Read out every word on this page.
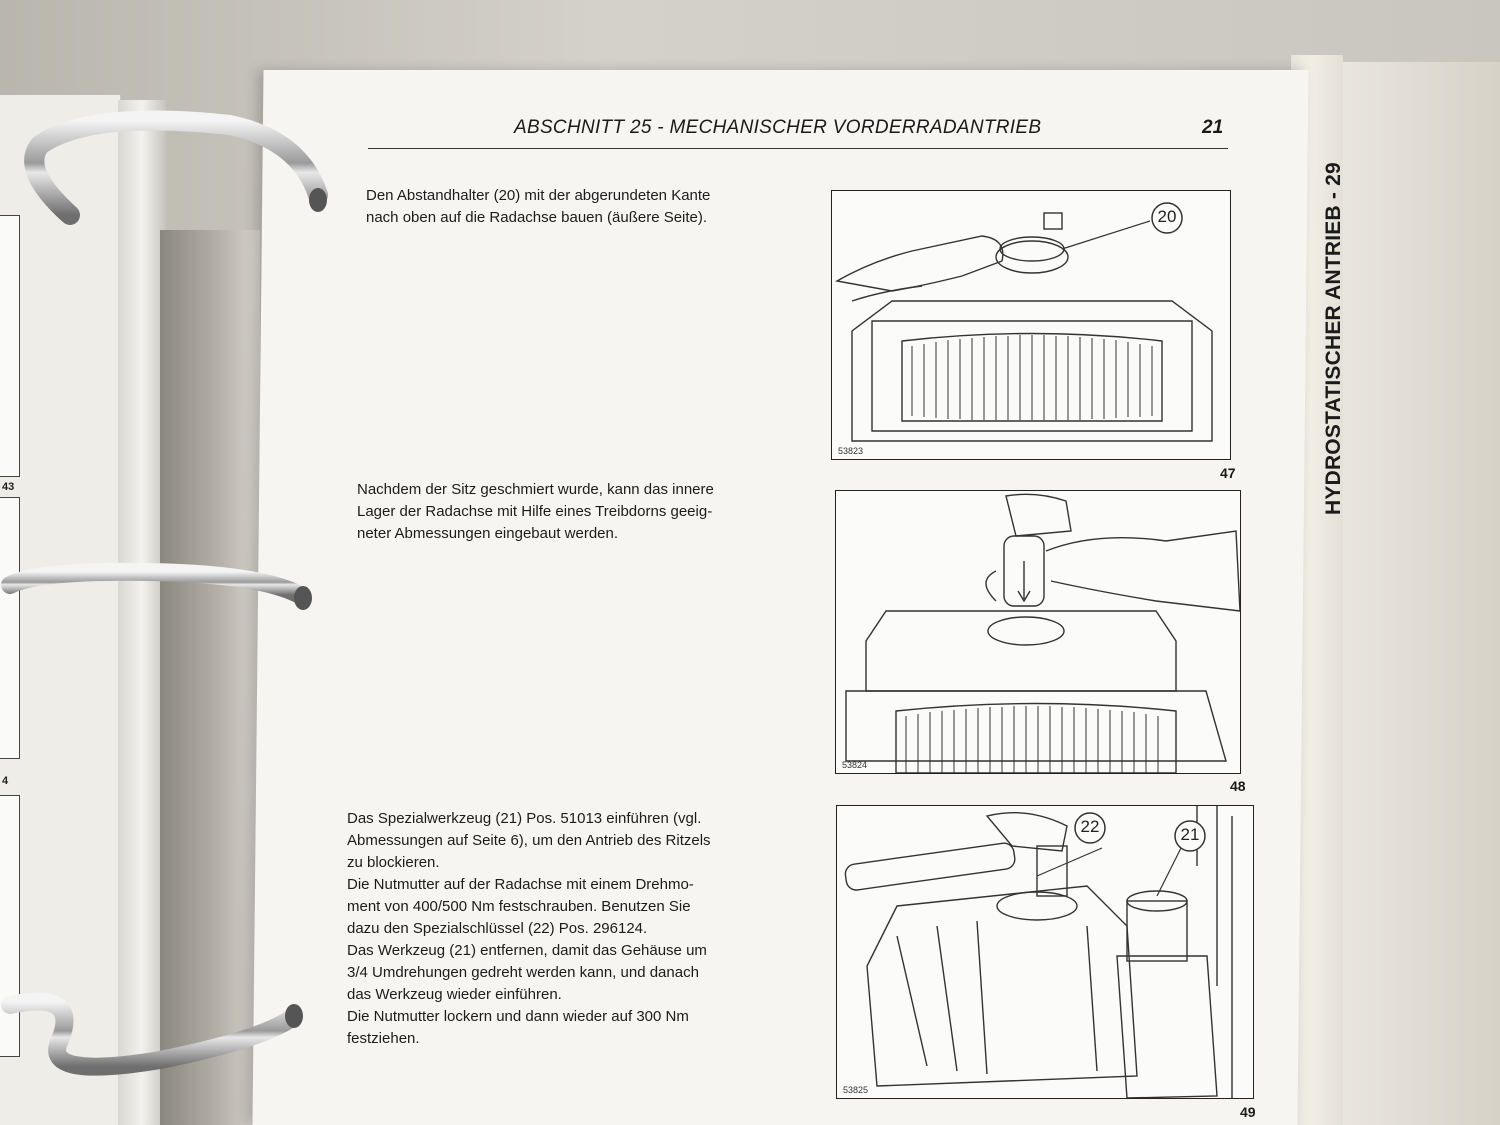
43
4
HYDROSTATISCHER ANTRIEB - 29
ABSCHNITT 25 - MECHANISCHER VORDERRADANTRIEB	21
Den Abstandhalter (20) mit der abgerundeten Kante
nach oben auf die Radachse bauen (äußere Seite).
Nachdem der Sitz geschmiert wurde, kann das innere
Lager der Radachse mit Hilfe eines Treibdorns geeig-
neter Abmessungen eingebaut werden.
Das Spezialwerkzeug (21) Pos. 51013 einführen (vgl.
Abmessungen auf Seite 6), um den Antrieb des Ritzels
zu blockieren.
Die Nutmutter auf der Radachse mit einem Drehmo-
ment von 400/500 Nm festschrauben. Benutzen Sie
dazu den Spezialschlüssel (22) Pos. 296124.
Das Werkzeug (21) entfernen, damit das Gehäuse um
3/4 Umdrehungen gedreht werden kann, und danach
das Werkzeug wieder einführen.
Die Nutmutter lockern und dann wieder auf 300 Nm
festziehen.
20
53823
47
53824
48
22	21
53825
49
